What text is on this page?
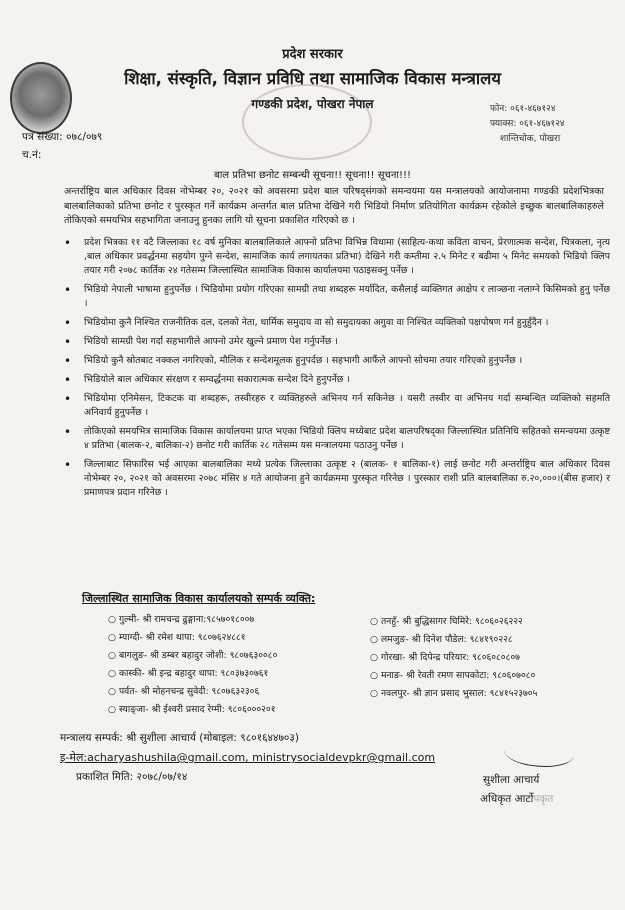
प्रदेश सरकार
शिक्षा, संस्कृति, विज्ञान प्रविधि तथा सामाजिक विकास मन्त्रालय
गण्डकी प्रदेश, पोखरा नेपाल	फोन: ०६१-४६७१२४
फ्याक्स: ०६१-४६७१२४
शान्तिचोक, पोखरा
पत्र संख्या: ०७८/०७९
च.नं:
बाल प्रतिभा छनोट सम्बन्धी सूचना!! सूचना!! सूचना!!!
अन्तर्राष्ट्रिय बाल अधिकार दिवस नोभेम्बर २०, २०२१ को अवसरमा प्रदेश बाल परिषद्संगको समन्वयमा यस मन्त्रालयको आयोजनामा गण्डकी प्रदेशभित्रका बालबालिकाको प्रतिभा छनोट र पुरस्कृत गर्ने कार्यक्रम अन्तर्गत बाल प्रतिभा देखिने गरी भिडियो निर्माण प्रतियोगिता कार्यक्रम रहेकोले इच्छुक बालबालिकाहरुले तोकिएको समयभित्र सहभागिता जनाउनु हुनका लागि यो सूचना प्रकाशित गरिएको छ ।
• प्रदेश भित्रका ११ वटै जिल्लाका १८ वर्ष मुनिका बालबालिकाले आफ्नो प्रतिभा विभिन्न विधामा (साहित्य-कथा कविता वाचन, प्रेरणात्मक सन्देश, चित्रकला, नृत्य ,बाल अधिकार प्रवर्द्धनमा सहयोग पुग्ने सन्देश, सामाजिक कार्य लगायतका प्रतिभा) देखिने गरी कम्तीमा २.५ मिनेट र बढीमा ५ मिनेट समयको भिडियो क्लिप तयार गरी २०७८ कार्तिक २४ गतेसम्म जिल्लास्थित सामाजिक विकास कार्यालयमा पठाइसक्नु पर्नेछ ।
• भिडियो नेपाली भाषामा हुनुपर्नेछ । भिडियोमा प्रयोग गरिएका सामग्री तथा शब्दहरू मर्यादित, कसैलाई व्यक्तिगत आक्षेप र लाञ्छना नलाग्ने किसिमको हुनु पर्नेछ ।
• भिडियोमा कुनै निश्चित राजनीतिक दल, दलको नेता, धार्मिक समुदाय वा सो समुदायका अगुवा वा निश्चित व्यक्तिको पक्षपोषण गर्न हुनुहुँदैन ।
• भिडियो सामग्री पेश गर्दा सहभागीले आफ्नो उमेर खुल्ने प्रमाण पेश गर्नुपर्नेछ ।
• भिडियो कुनै स्रोतबाट नक्कल नगरिएको, मौलिक र सन्देशमूलक हुनुपर्दछ । सहभागी आफैंले आफ्नो सोचमा तयार गरिएको हुनुपर्नेछ ।
• भिडियोले बाल अधिकार संरक्षण र सम्वर्द्धनमा सकारात्मक सन्देश दिने हुनुपर्नेछ ।
• भिडियोमा एनिमेसन, टिकटक वा शब्दहरू, तस्वीरहरु र व्यक्तिहरुले अभिनय गर्न सकिनेछ । यसरी तस्वीर वा अभिनय गर्दा सम्बन्धित व्यक्तिको सहमति अनिवार्य हुनुपर्नेछ ।
• तोकिएको समयभित्र सामाजिक विकास कार्यालयमा प्राप्त भएका भिडियो क्लिप मध्येबाट प्रदेश बालपरिषद्का जिल्लास्थित प्रतिनिधि सहितको समन्वयमा उत्कृष्ट ४ प्रतिभा (बालक-२, बालिका-२) छनोट गरी कार्तिक २८ गतेसम्म यस मन्त्रालयमा पठाउनु पर्नेछ ।
• जिल्लाबाट सिफारिस भई आएका बालबालिका मध्ये प्रत्येक जिल्लाका उत्कृष्ट २ (बालक- १ बालिका-१) लाई छनोट गरी अन्तर्राष्ट्रिय बाल अधिकार दिवस नोभेम्बर २०, २०२१ को अवसरमा २०७८ मंसिर ४ गते आयोजना हुने कार्यक्रममा पुरस्कृत गरिनेछ । पुरस्कार राशी प्रति बालबालिका रु.२०,०००।(बीस हजार) र प्रमाणपत्र प्रदान गरिनेछ ।
जिल्लास्थित सामाजिक विकास कार्यालयको सम्पर्क व्यक्ति:
○ गुल्मी- श्री रामचन्द्र ढुङ्गाना:९८५७०१८००७
○ म्याग्दी- श्री रमेश थापा: ९८०७६२४८८१
○ बागलुङ- श्री डम्बर बहादुर जोशी: ९८०७६३००८०
○ कास्की- श्री इन्द्र बहादुर थापा: ९८०३७३०७६१
○ पर्वत- श्री मोहनचन्द्र सुवेदी: ९८०७६३२३०६
○ स्याङ्जा- श्री ईश्वरी प्रसाद रेग्मी: ९८०६०००२०१
○ तनहुँ- श्री बुद्धिसागर घिमिरे: ९८०६०२६२२२
○ लमजुङ- श्री दिनेश पौडेल: ९८४१९०२२८
○ गोरखा- श्री दिपेन्द्र परियार: ९८०६०८०८०७
○ मनाङ- श्री रेवती रमण सापकोटा: ९८०६०७०८०
○ नवलपुर- श्री ज्ञान प्रसाद भुसाल: ९८४१५२३७०५
मन्त्रालय सम्पर्क: श्री सुशीला आचार्य (मोबाइल: ९८०१६४४७०३)
इ-मेल:acharyashushila@gmail.com, ministrysocialdevpkr@gmail.com
प्रकाशित मिति: २०७८/०७/१४	सुशीला आचार्य
अधिकृत आर्टोपकृत
